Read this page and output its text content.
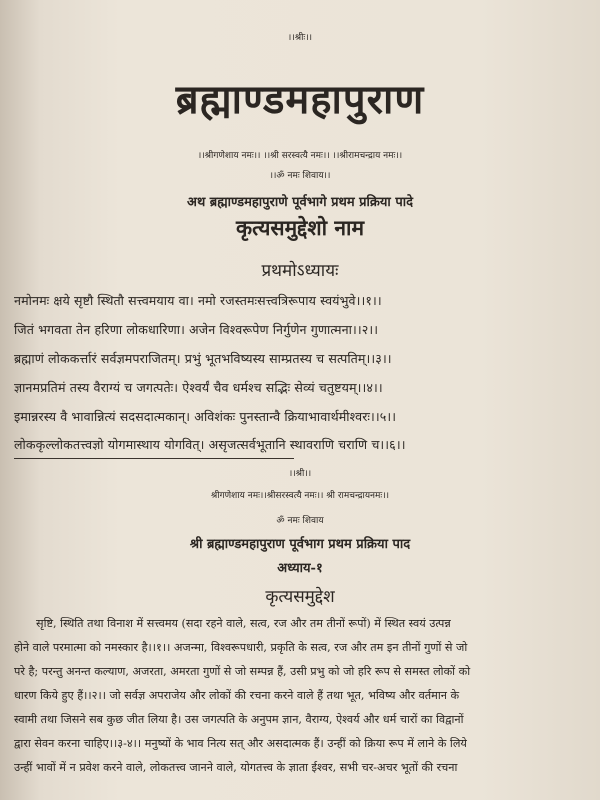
।।श्रीः।।
ब्रह्माण्डमहापुराण
।।श्रीगणेशाय नमः।। ।।श्री सरस्वत्यै नमः।। ।।श्रीरामचन्द्राय नमः।।
।।ॐ नमः शिवाय।।
अथ ब्रह्माण्डमहापुराणे पूर्वभागे प्रथम प्रक्रिया पादे
कृत्यसमुद्देशो नाम
प्रथमोऽध्यायः
नमोनमः क्षये सृष्टौ स्थितौ सत्त्वमयाय वा। नमो रजस्तमःसत्त्वत्रिरूपाय स्वयंभुवे।।१।।
जितं भगवता तेन हरिणा लोकधारिणा। अजेन विश्वरूपेण निर्गुणेन गुणात्मना।।२।।
ब्रह्माणं लोककर्त्तारं सर्वज्ञमपराजितम्। प्रभुं भूतभविष्यस्य साम्प्रतस्य च सत्पतिम्।।३।।
ज्ञानमप्रतिमं तस्य वैराग्यं च जगत्पतेः। ऐश्वर्यं चैव धर्मश्च सद्भिः सेव्यं चतुष्टयम्।।४।।
इमान्नरस्य वै भावान्नित्यं सदसदात्मकान्। अविशंकः पुनस्तान्वै क्रियाभावार्थमीश्वरः।।५।।
लोककृल्लोकतत्त्वज्ञो योगमास्थाय योगवित्। असृजत्सर्वभूतानि स्थावराणि चराणि च।।६।।
।।श्री।।
श्रीगणेशाय नमः।।श्रीसरस्वत्यै नमः।। श्री रामचन्द्रायनमः।।
ॐ नमः शिवाय
श्री ब्रह्माण्डमहापुराण पूर्वभाग प्रथम प्रक्रिया पाद
अध्याय-१
कृत्यसमुद्देश
सृष्टि, स्थिति तथा विनाश में सत्त्वमय (सदा रहने वाले, सत्व, रज और तम तीनों रूपों) में स्थित स्वयं उत्पन्न
होने वाले परमात्मा को नमस्कार है।।१।। अजन्मा, विश्वरूपधारी, प्रकृति के सत्व, रज और तम इन तीनों गुणों से जो
परे है; परन्तु अनन्त कल्याण, अजरता, अमरता गुणों से जो सम्पन्न हैं, उसी प्रभु को जो हरि रूप से समस्त लोकों को
धारण किये हुए हैं।।२।। जो सर्वज्ञ अपराजेय और लोकों की रचना करने वाले हैं तथा भूत, भविष्य और वर्तमान के
स्वामी तथा जिसने सब कुछ जीत लिया है। उस जगत्पति के अनुपम ज्ञान, वैराग्य, ऐश्वर्य और धर्म चारों का विद्वानों
द्वारा सेवन करना चाहिए।।३-४।। मनुष्यों के भाव नित्य सत् और असदात्मक हैं। उन्हीं को क्रिया रूप में लाने के लिये
उन्हीं भावों में न प्रवेश करने वाले, लोकतत्त्व जानने वाले, योगतत्त्व के ज्ञाता ईश्वर, सभी चर-अचर भूतों की रचना
